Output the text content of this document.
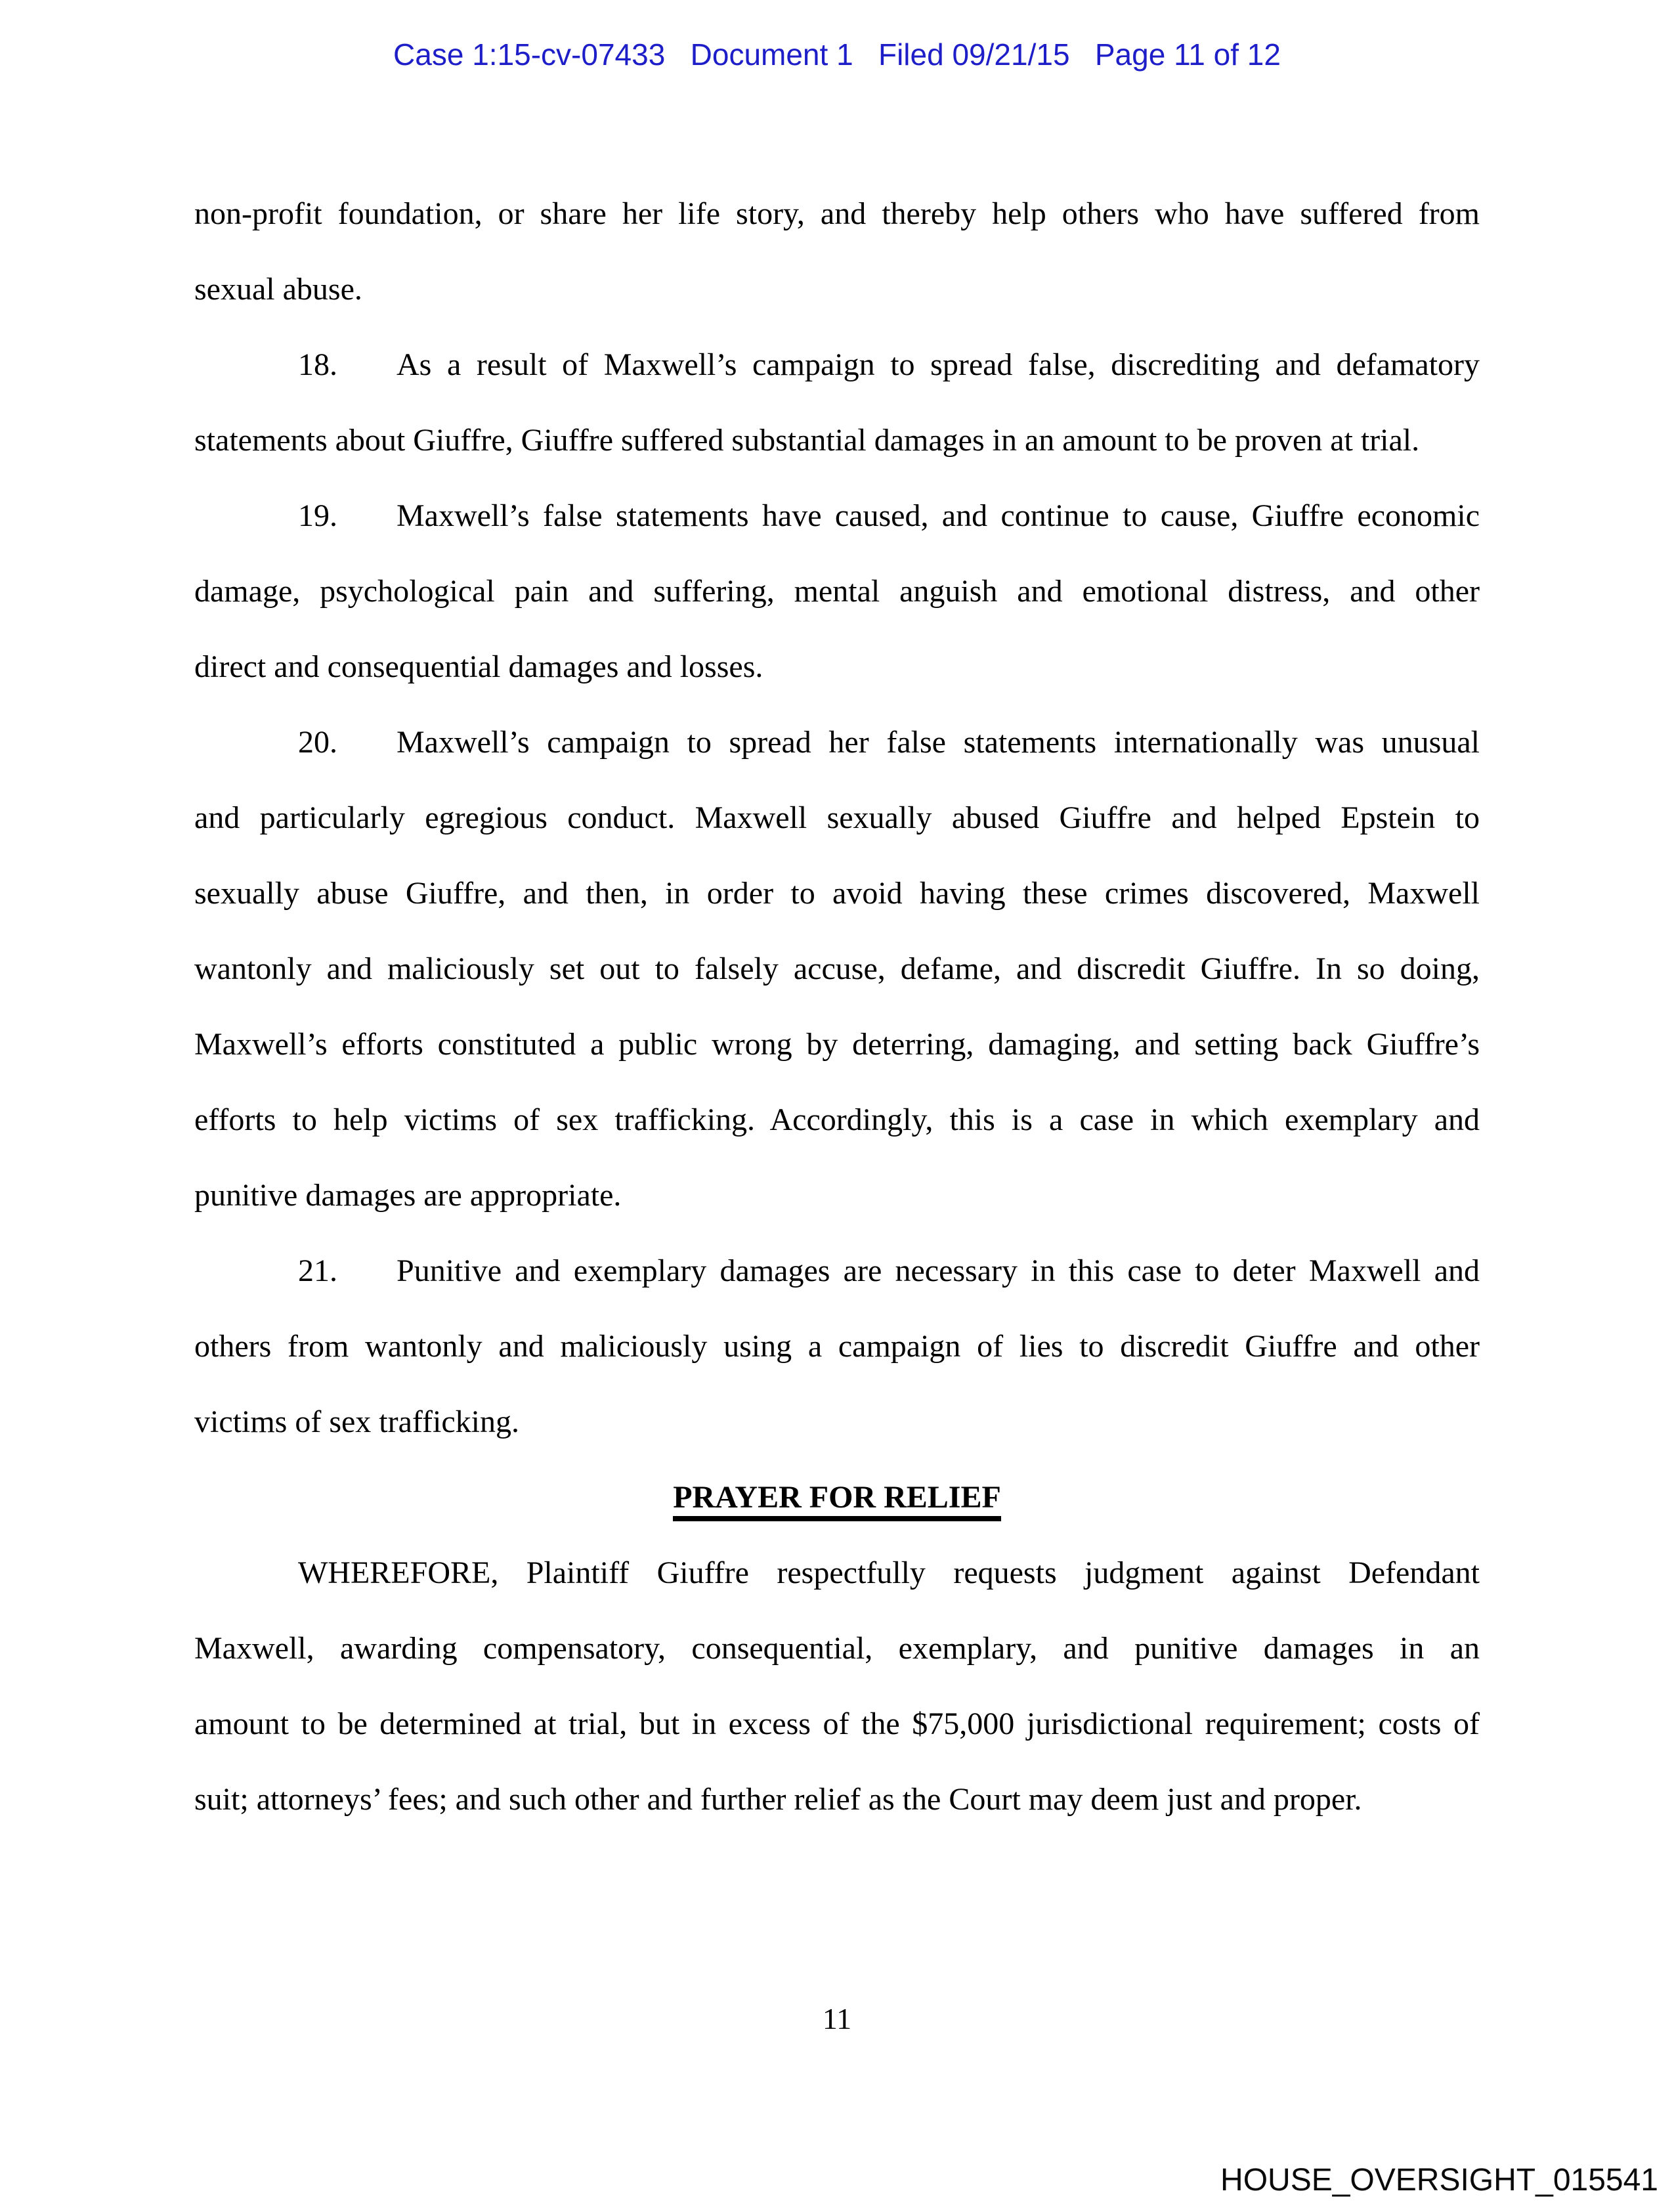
Case 1:15-cv-07433   Document 1   Filed 09/21/15   Page 11 of 12
non-profit foundation, or share her life story, and thereby help others who have suffered from
sexual abuse.
18. As a result of Maxwell’s campaign to spread false, discrediting and defamatory
statements about Giuffre, Giuffre suffered substantial damages in an amount to be proven at trial.
19. Maxwell’s false statements have caused, and continue to cause, Giuffre economic
damage, psychological pain and suffering, mental anguish and emotional distress, and other
direct and consequential damages and losses.
20. Maxwell’s campaign to spread her false statements internationally was unusual
and particularly egregious conduct. Maxwell sexually abused Giuffre and helped Epstein to
sexually abuse Giuffre, and then, in order to avoid having these crimes discovered, Maxwell
wantonly and maliciously set out to falsely accuse, defame, and discredit Giuffre. In so doing,
Maxwell’s efforts constituted a public wrong by deterring, damaging, and setting back Giuffre’s
efforts to help victims of sex trafficking. Accordingly, this is a case in which exemplary and
punitive damages are appropriate.
21. Punitive and exemplary damages are necessary in this case to deter Maxwell and
others from wantonly and maliciously using a campaign of lies to discredit Giuffre and other
victims of sex trafficking.
PRAYER FOR RELIEF
WHEREFORE, Plaintiff Giuffre respectfully requests judgment against Defendant
Maxwell, awarding compensatory, consequential, exemplary, and punitive damages in an
amount to be determined at trial, but in excess of the $75,000 jurisdictional requirement; costs of
suit; attorneys’ fees; and such other and further relief as the Court may deem just and proper.
11
HOUSE_OVERSIGHT_015541
